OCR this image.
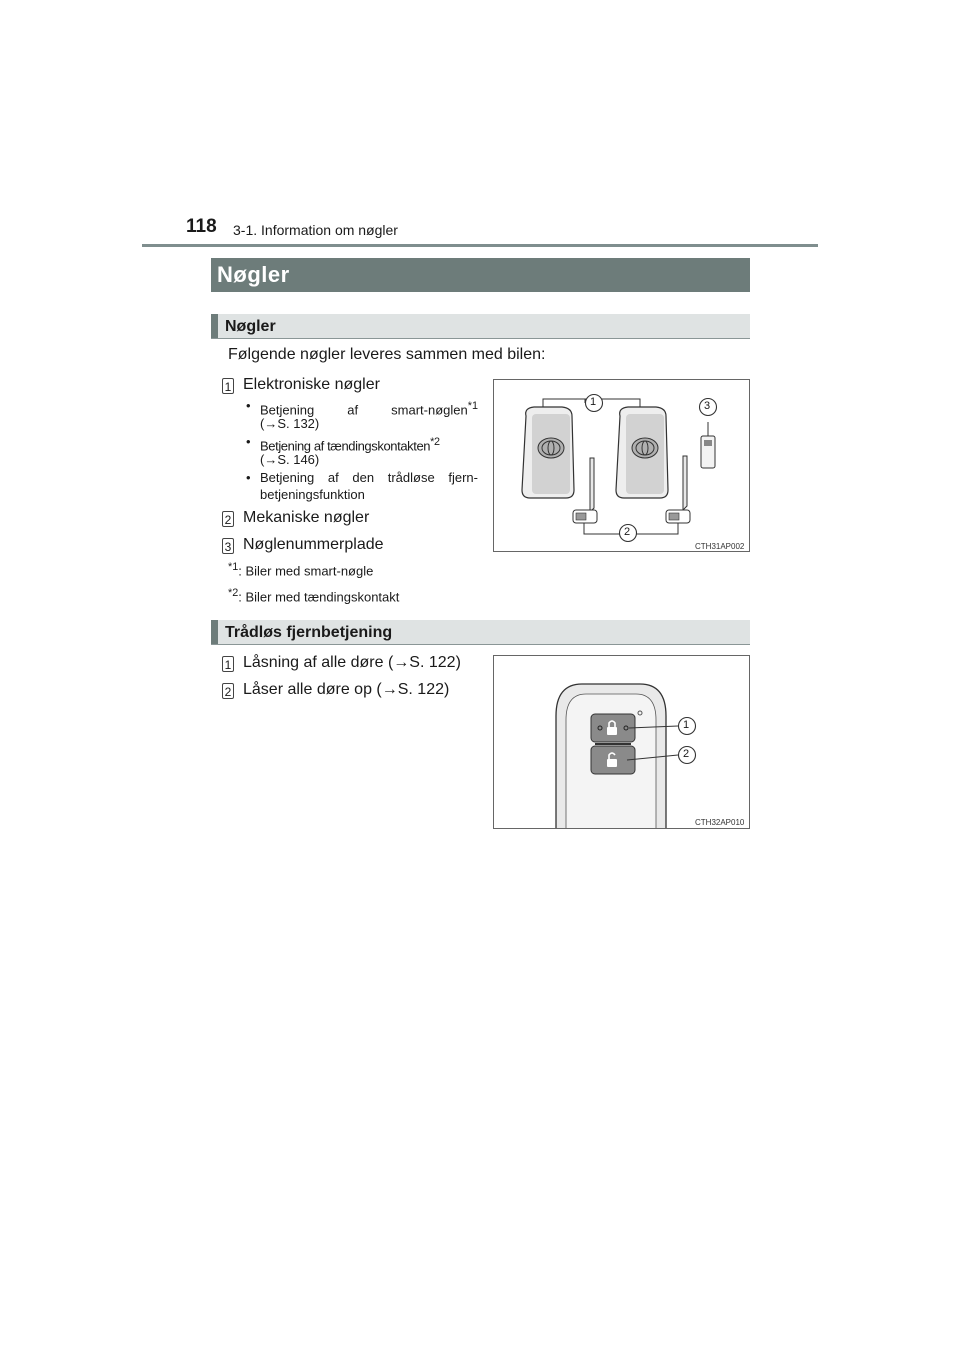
118 3-1. Information om nøgler
Nøgler
Nøgler
Følgende nøgler leveres sammen med bilen:
1 Elektroniske nøgler
• Betjening af smart-nøglen$^{*1}$
(→S. 132)
• Betjening af tændingskontakten$^{*2}$
(→S. 146)
• Betjening af den trådløse fjern-
betjeningsfunktion
2 Mekaniske nøgler
3 Nøglenummerplade
$^{*1}$: Biler med smart-nøgle
$^{*2}$: Biler med tændingskontakt
1	3
2
CTH31AP002
Trådløs fjernbetjening
1 Låsning af alle døre (→S. 122)
2 Låser alle døre op (→S. 122)
1
2
CTH32AP010
